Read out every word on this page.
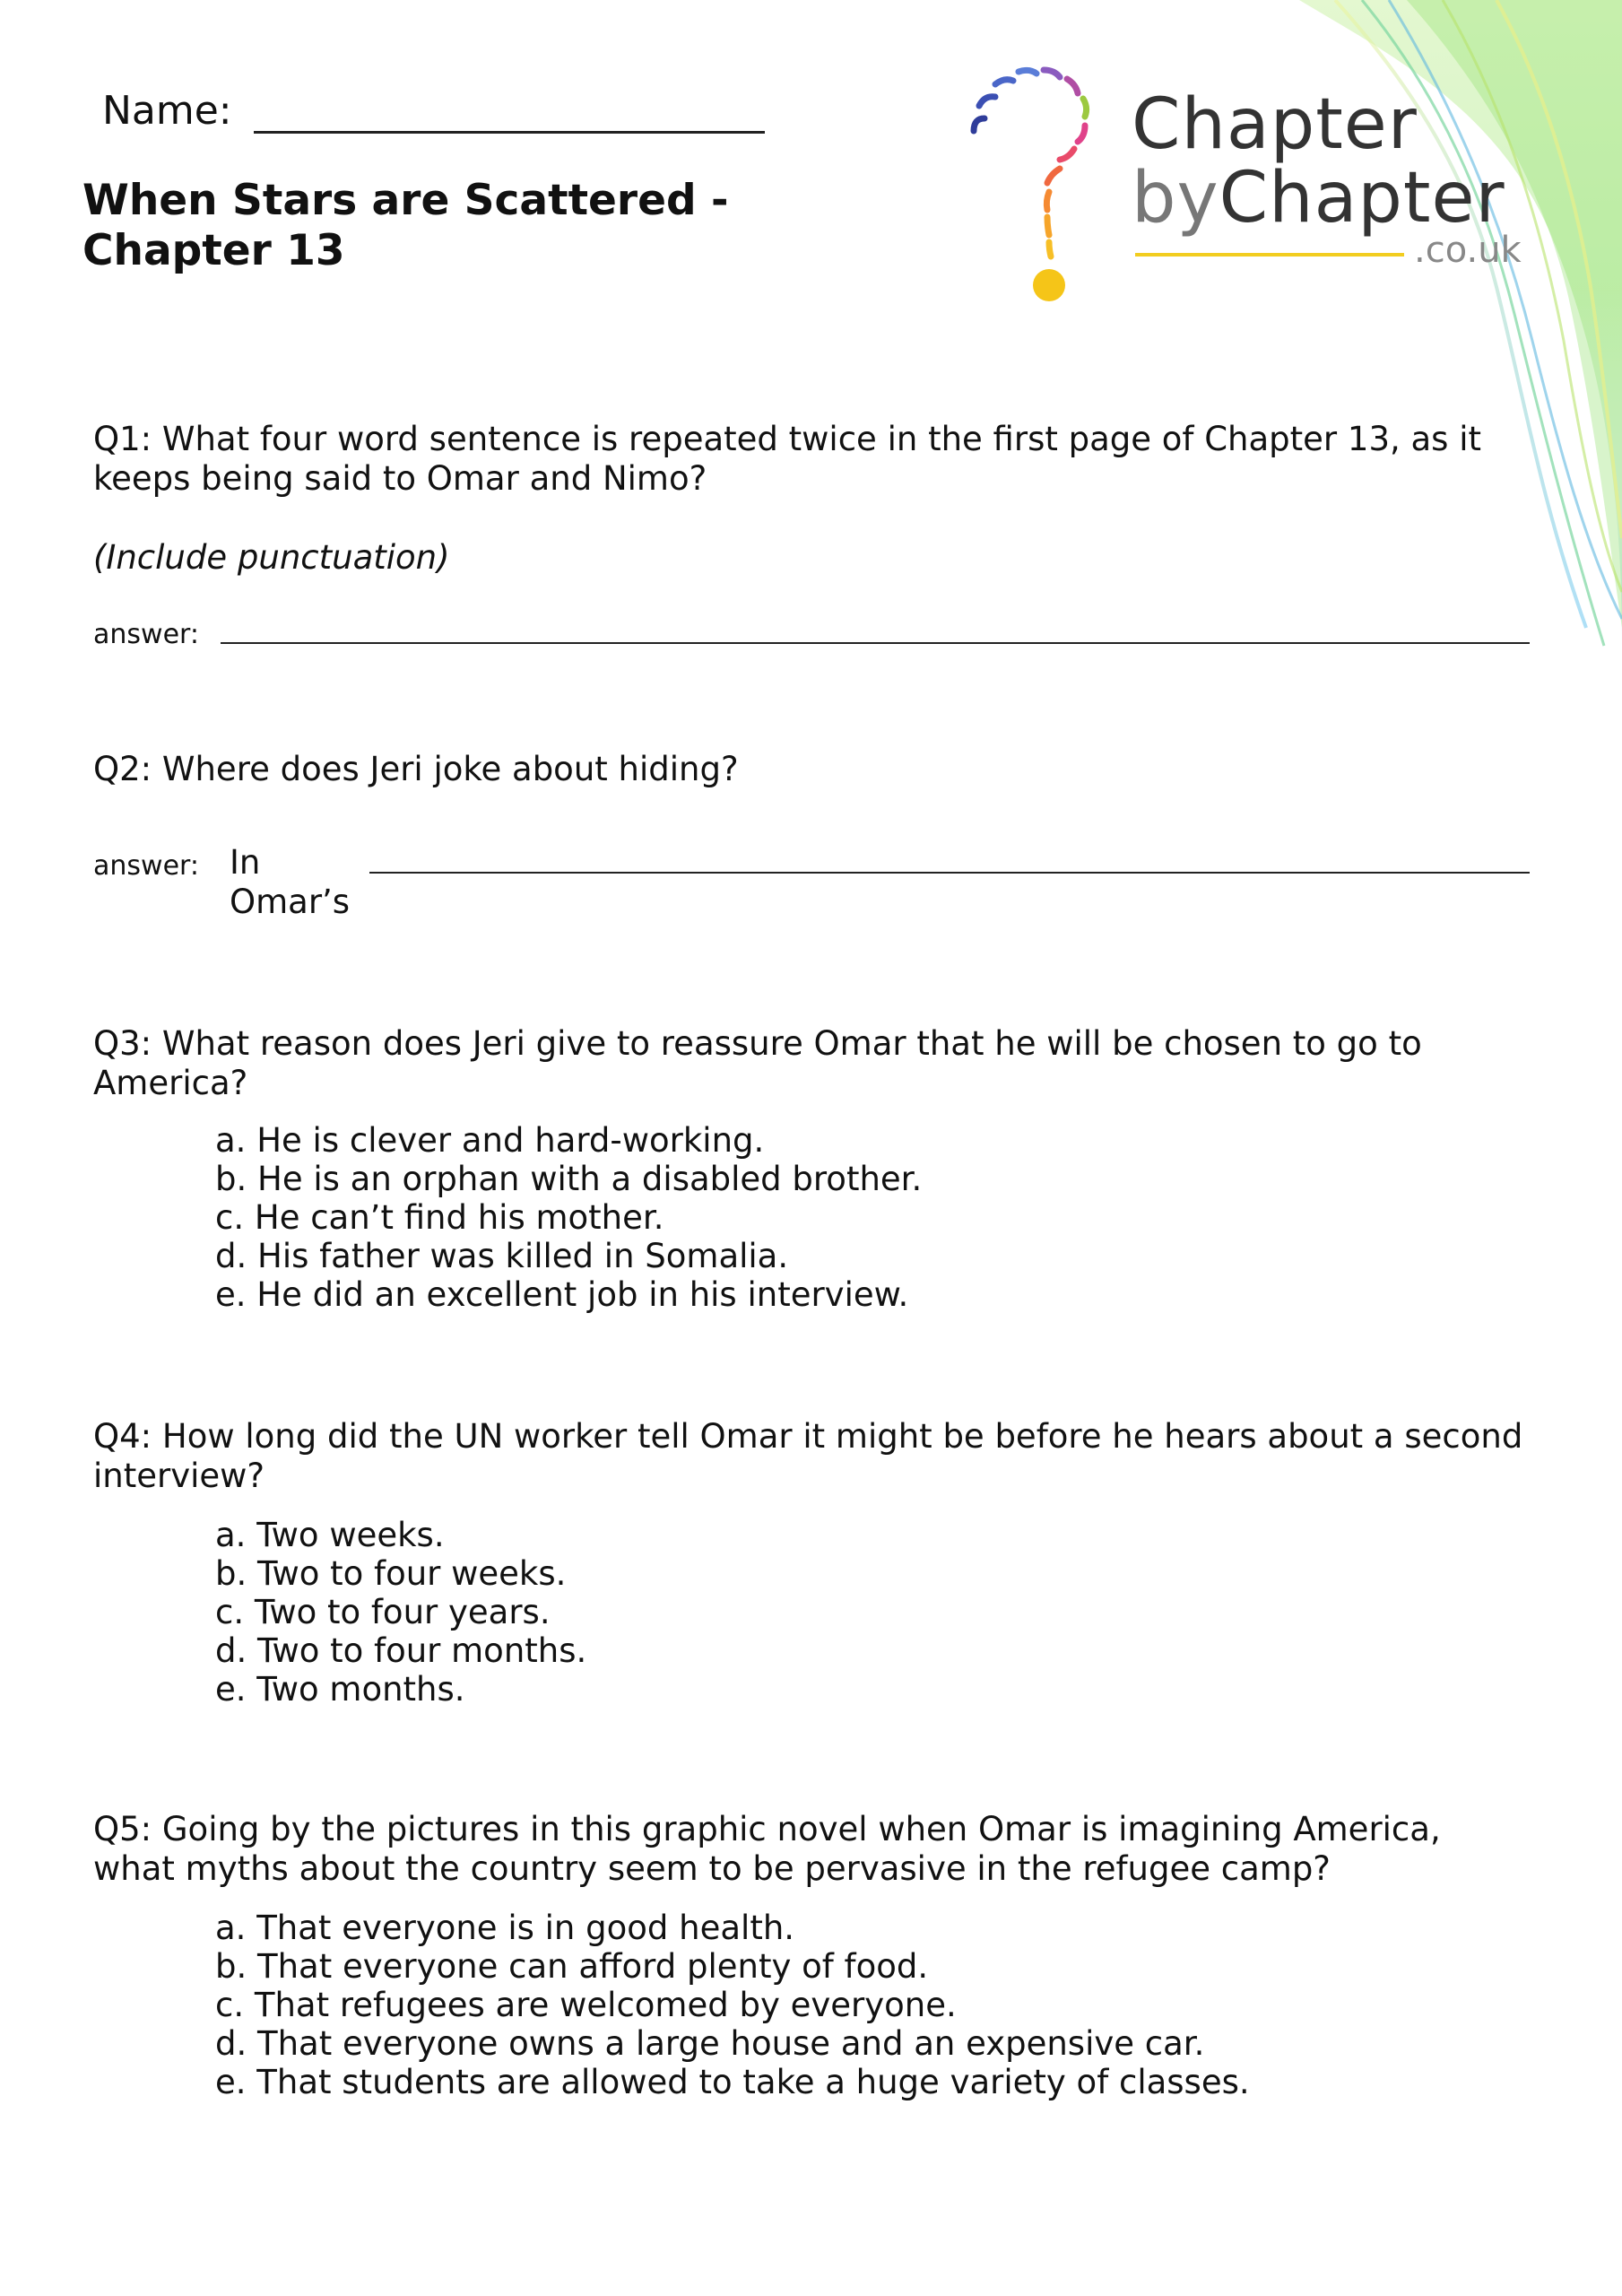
Name:
When Stars are Scattered -
Chapter 13
Chapter
byChapter
.co.uk
Q1: What four word sentence is repeated twice in the first page of Chapter 13, as it keeps being said to Omar and Nimo?
(Include punctuation)
answer:
Q2: Where does Jeri joke about hiding?
answer: In
Omar’s
Q3: What reason does Jeri give to reassure Omar that he will be chosen to go to America?
a. He is clever and hard-working.
b. He is an orphan with a disabled brother.
c. He can’t find his mother.
d. His father was killed in Somalia.
e. He did an excellent job in his interview.
Q4: How long did the UN worker tell Omar it might be before he hears about a second interview?
a. Two weeks.
b. Two to four weeks.
c. Two to four years.
d. Two to four months.
e. Two months.
Q5: Going by the pictures in this graphic novel when Omar is imagining America, what myths about the country seem to be pervasive in the refugee camp?
a. That everyone is in good health.
b. That everyone can afford plenty of food.
c. That refugees are welcomed by everyone.
d. That everyone owns a large house and an expensive car.
e. That students are allowed to take a huge variety of classes.
